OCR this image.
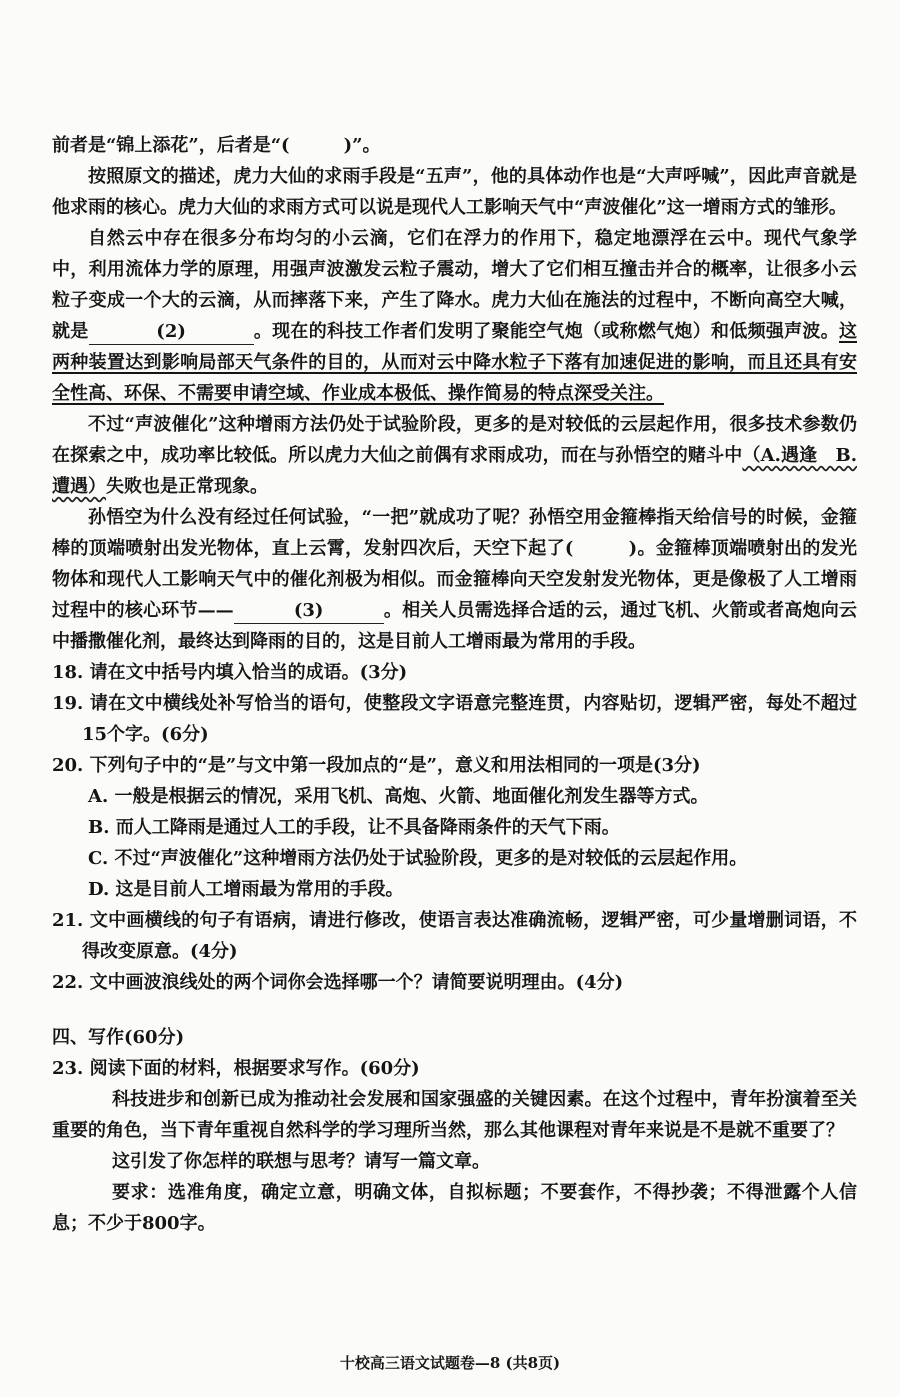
前者是“锦上添花”，后者是“(　　　)”。

按照原文的描述，虎力大仙的求雨手段是“五声”，他的具体动作也是“大声呼喊”，因此声音就是他求雨的核心。虎力大仙的求雨方式可以说是现代人工影响天气中“声波催化”这一增雨方式的雏形。

自然云中存在很多分布均匀的小云滴，它们在浮力的作用下，稳定地漂浮在云中。现代气象学中，利用流体力学的原理，用强声波激发云粒子震动，增大了它们相互撞击并合的概率，让很多小云粒子变成一个大的云滴，从而摔落下来，产生了降水。虎力大仙在施法的过程中，不断向高空大喊，就是	(2)	。现在的科技工作者们发明了聚能空气炮（或称燃气炮）和低频强声波。这两种装置达到影响局部天气条件的目的，从而对云中降水粒子下落有加速促进的影响，而且还具有安全性高、环保、不需要申请空域、作业成本极低、操作简易的特点深受关注。

不过“声波催化”这种增雨方法仍处于试验阶段，更多的是对较低的云层起作用，很多技术参数仍在探索之中，成功率比较低。所以虎力大仙之前偶有求雨成功，而在与孙悟空的赌斗中（A.遇逢　B.遭遇）失败也是正常现象。

孙悟空为什么没有经过任何试验，“一把”就成功了呢？孙悟空用金箍棒指天给信号的时候，金箍棒的顶端喷射出发光物体，直上云霄，发射四次后，天空下起了(　　　)。金箍棒顶端喷射出的发光物体和现代人工影响天气中的催化剂极为相似。而金箍棒向天空发射发光物体，更是像极了人工增雨过程中的核心环节——	(3)	。相关人员需选择合适的云，通过飞机、火箭或者高炮向云中播撒催化剂，最终达到降雨的目的，这是目前人工增雨最为常用的手段。

18. 请在文中括号内填入恰当的成语。(3分)

19. 请在文中横线处补写恰当的语句，使整段文字语意完整连贯，内容贴切，逻辑严密，每处不超过15个字。(6分)

20. 下列句子中的“是”与文中第一段加点的“是”，意义和用法相同的一项是(3分)

A. 一般是根据云的情况，采用飞机、高炮、火箭、地面催化剂发生器等方式。

B. 而人工降雨是通过人工的手段，让不具备降雨条件的天气下雨。

C. 不过“声波催化”这种增雨方法仍处于试验阶段，更多的是对较低的云层起作用。

D. 这是目前人工增雨最为常用的手段。

21. 文中画横线的句子有语病，请进行修改，使语言表达准确流畅，逻辑严密，可少量增删词语，不得改变原意。(4分)

22. 文中画波浪线处的两个词你会选择哪一个？请简要说明理由。(4分)

四、写作(60分)

23. 阅读下面的材料，根据要求写作。(60分)

科技进步和创新已成为推动社会发展和国家强盛的关键因素。在这个过程中，青年扮演着至关重要的角色，当下青年重视自然科学的学习理所当然，那么其他课程对青年来说是不是就不重要了？

这引发了你怎样的联想与思考？请写一篇文章。

要求：选准角度，确定立意，明确文体，自拟标题；不要套作，不得抄袭；不得泄露个人信息；不少于800字。

十校高三语文试题卷—8 (共8页)
